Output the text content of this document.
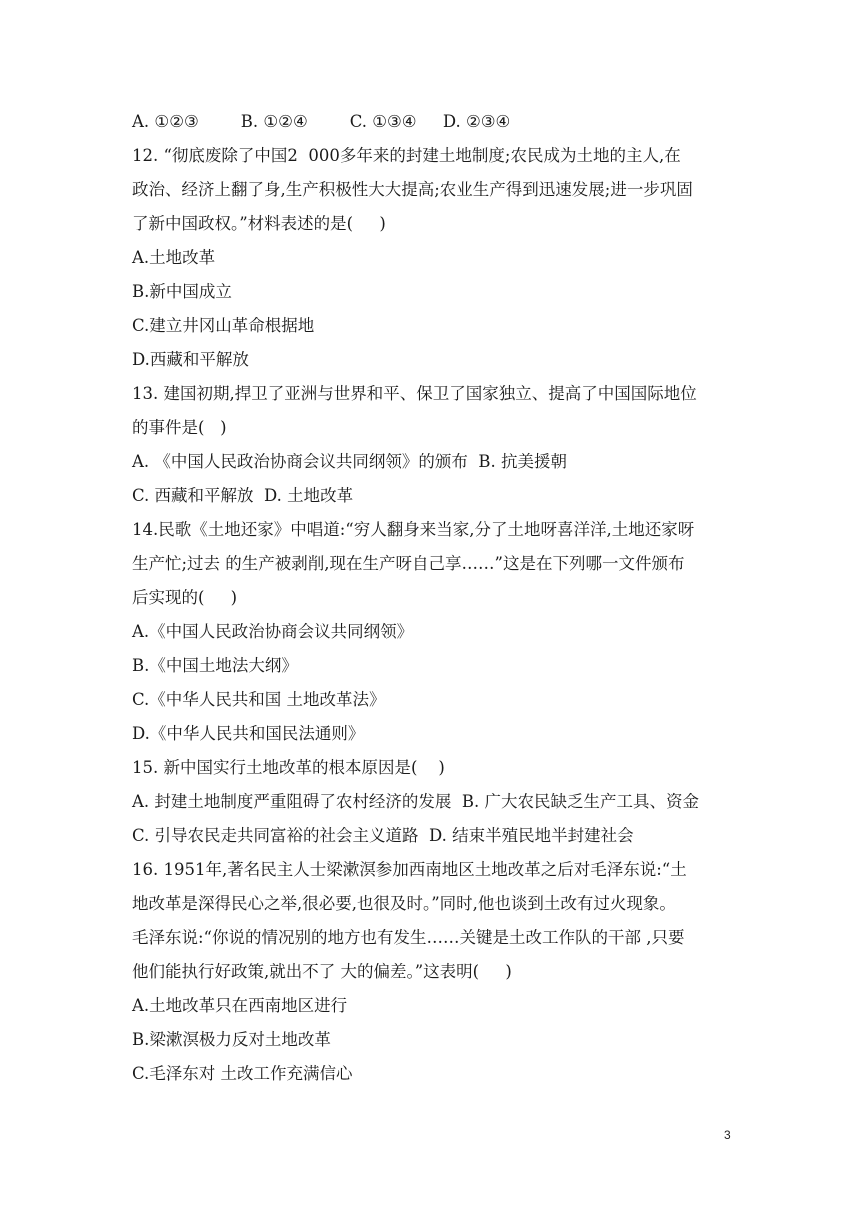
A. ①②③        B. ①②④        C. ①③④     D. ②③④
12. “彻底废除了中国2  000多年来的封建土地制度;农民成为土地的主人,在
政治、经济上翻了身,生产积极性大大提高;农业生产得到迅速发展;进一步巩固
了新中国政权。”材料表述的是(     )
A.土地改革
B.新中国成立
C.建立井冈山革命根据地
D.西藏和平解放
13. 建国初期,捍卫了亚洲与世界和平、保卫了国家独立、提高了中国国际地位
的事件是(   )
A. 《中国人民政治协商会议共同纲领》的颁布  B. 抗美援朝
C. 西藏和平解放  D. 土地改革
14.民歌《土地还家》中唱道:“穷人翻身来当家,分了土地呀喜洋洋,土地还家呀
生产忙;过去 的生产被剥削,现在生产呀自己享……”这是在下列哪一文件颁布
后实现的(     )
A.《中国人民政治协商会议共同纲领》
B.《中国土地法大纲》
C.《中华人民共和国 土地改革法》
D.《中华人民共和国民法通则》
15. 新中国实行土地改革的根本原因是(    )
A. 封建土地制度严重阻碍了农村经济的发展  B. 广大农民缺乏生产工具、资金
C. 引导农民走共同富裕的社会主义道路  D. 结束半殖民地半封建社会
16. 1951年,著名民主人士梁漱溟参加西南地区土地改革之后对毛泽东说:“土
地改革是深得民心之举,很必要,也很及时。”同时,他也谈到土改有过火现象。
毛泽东说:“你说的情况别的地方也有发生……关键是土改工作队的干部 ,只要
他们能执行好政策,就出不了 大的偏差。”这表明(     )
A.土地改革只在西南地区进行
B.梁漱溟极力反对土地改革
C.毛泽东对 土改工作充满信心
3
